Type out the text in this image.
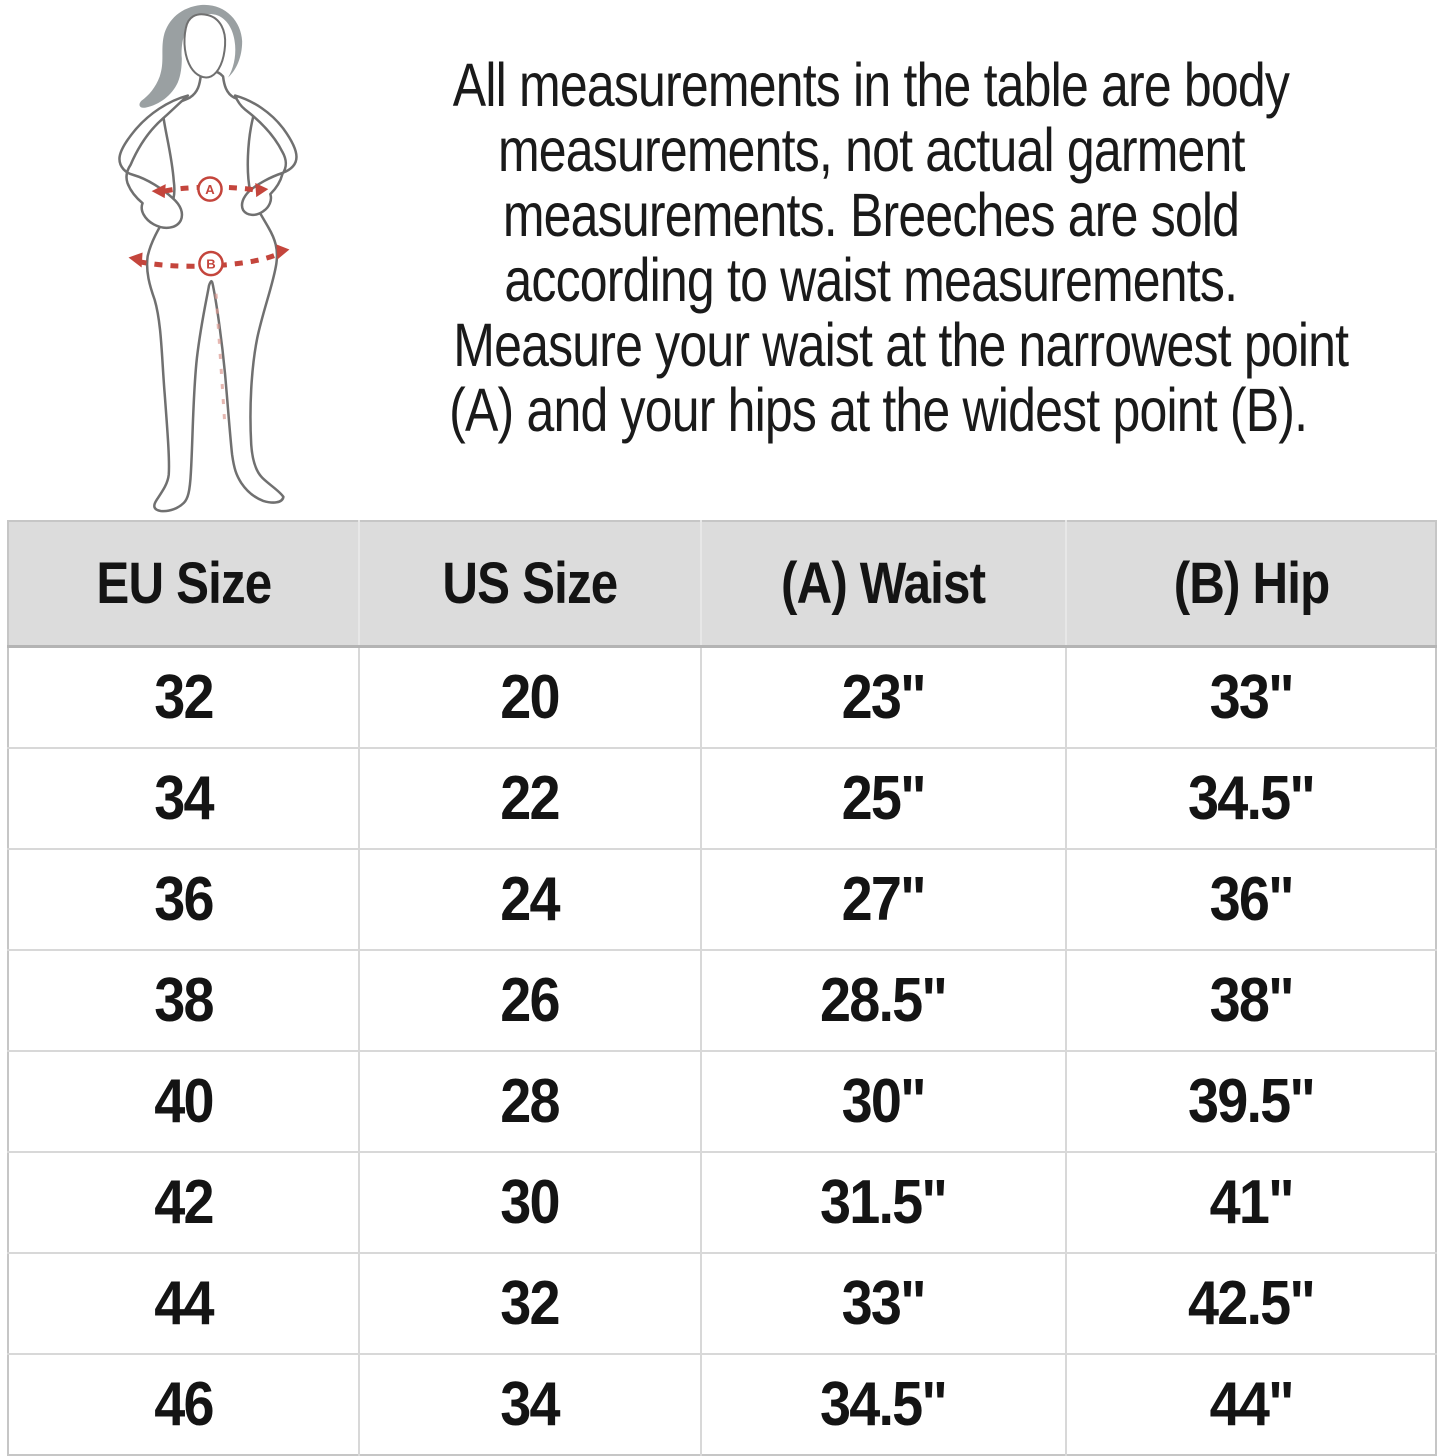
A
B
All measurements in the table are body
measurements, not actual garment
measurements. Breeches are sold
according to waist measurements.
Measure your waist at the narrowest point
(A) and your hips at the widest point (B).
EU Size	US Size	(A) Waist	(B) Hip
32	20	23"	33"
34	22	25"	34.5"
36	24	27"	36"
38	26	28.5"	38"
40	28	30"	39.5"
42	30	31.5"	41"
44	32	33"	42.5"
46	34	34.5"	44"
